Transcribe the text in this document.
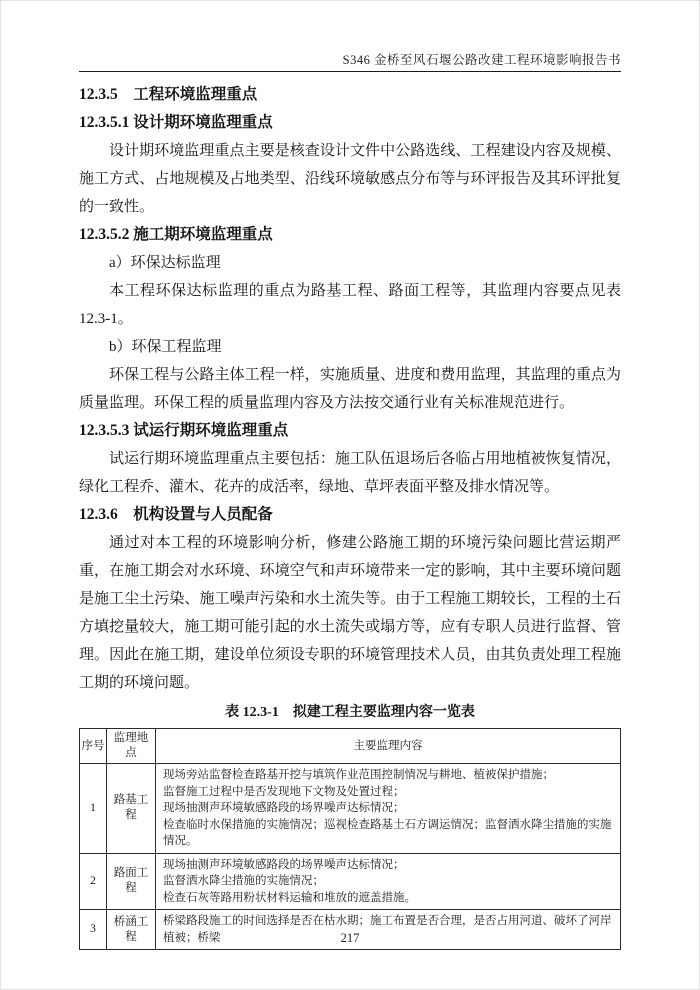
S346 金桥至风石堰公路改建工程环境影响报告书
12.3.5　工程环境监理重点
12.3.5.1 设计期环境监理重点

设计期环境监理重点主要是核查设计文件中公路选线、工程建设内容及规模、施工方式、占地规模及占地类型、沿线环境敏感点分布等与环评报告及其环评批复的一致性。

12.3.5.2 施工期环境监理重点

a）环保达标监理

本工程环保达标监理的重点为路基工程、路面工程等，其监理内容要点见表12.3-1。

b）环保工程监理

环保工程与公路主体工程一样，实施质量、进度和费用监理，其监理的重点为质量监理。环保工程的质量监理内容及方法按交通行业有关标准规范进行。

12.3.5.3 试运行期环境监理重点

试运行期环境监理重点主要包括：施工队伍退场后各临占用地植被恢复情况，绿化工程乔、灌木、花卉的成活率，绿地、草坪表面平整及排水情况等。

12.3.6　机构设置与人员配备

通过对本工程的环境影响分析，修建公路施工期的环境污染问题比营运期严重，在施工期会对水环境、环境空气和声环境带来一定的影响，其中主要环境问题是施工尘土污染、施工噪声污染和水土流失等。由于工程施工期较长，工程的土石方填挖量较大，施工期可能引起的水土流失或塌方等，应有专职人员进行监督、管理。因此在施工期，建设单位须设专职的环境管理技术人员，由其负责处理工程施工期的环境问题。

表 12.3-1　拟建工程主要监理内容一览表
序号	监理地点	主要监理内容
1	路基工程	现场旁站监督检查路基开挖与填筑作业范围控制情况与耕地、植被保护措施；
监督施工过程中是否发现地下文物及处置过程；
现场抽测声环境敏感路段的场界噪声达标情况；
检查临时水保措施的实施情况；巡视检查路基土石方调运情况；监督洒水降尘措施的实施情况。

2	路面工程	现场抽测声环境敏感路段的场界噪声达标情况；
监督洒水降尘措施的实施情况；
检查石灰等路用粉状材料运输和堆放的遮盖措施。

3	桥涵工程	桥梁路段施工的时间选择是否在枯水期；施工布置是否合理，是否占用河道、破坏了河岸植被；桥梁	217
